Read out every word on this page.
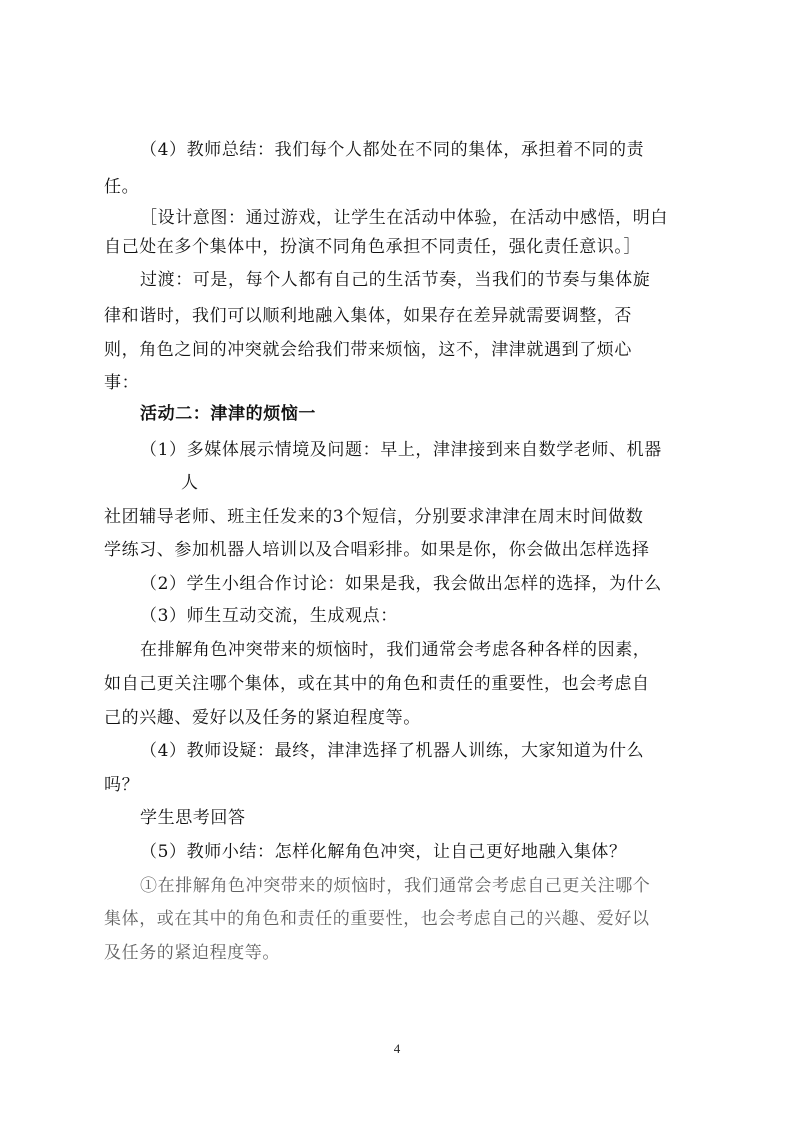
（4）教师总结：我们每个人都处在不同的集体，承担着不同的责
任。
［设计意图：通过游戏，让学生在活动中体验，在活动中感悟，明白
自己处在多个集体中，扮演不同角色承担不同责任，强化责任意识。］
过渡：可是，每个人都有自己的生活节奏，当我们的节奏与集体旋
律和谐时，我们可以顺利地融入集体，如果存在差异就需要调整，否
则，角色之间的冲突就会给我们带来烦恼，这不，津津就遇到了烦心
事：
活动二：津津的烦恼一
（1）多媒体展示情境及问题：早上，津津接到来自数学老师、机器
人
社团辅导老师、班主任发来的3个短信，分别要求津津在周末时间做数
学练习、参加机器人培训以及合唱彩排。如果是你，你会做出怎样选择
（2）学生小组合作讨论：如果是我，我会做出怎样的选择，为什么
（3）师生互动交流，生成观点：
在排解角色冲突带来的烦恼时，我们通常会考虑各种各样的因素，
如自己更关注哪个集体，或在其中的角色和责任的重要性，也会考虑自
己的兴趣、爱好以及任务的紧迫程度等。
（4）教师设疑：最终，津津选择了机器人训练，大家知道为什么
吗？
学生思考回答
（5）教师小结：怎样化解角色冲突，让自己更好地融入集体？
①在排解角色冲突带来的烦恼时，我们通常会考虑自己更关注哪个
集体，或在其中的角色和责任的重要性，也会考虑自己的兴趣、爱好以
及任务的紧迫程度等。
4
